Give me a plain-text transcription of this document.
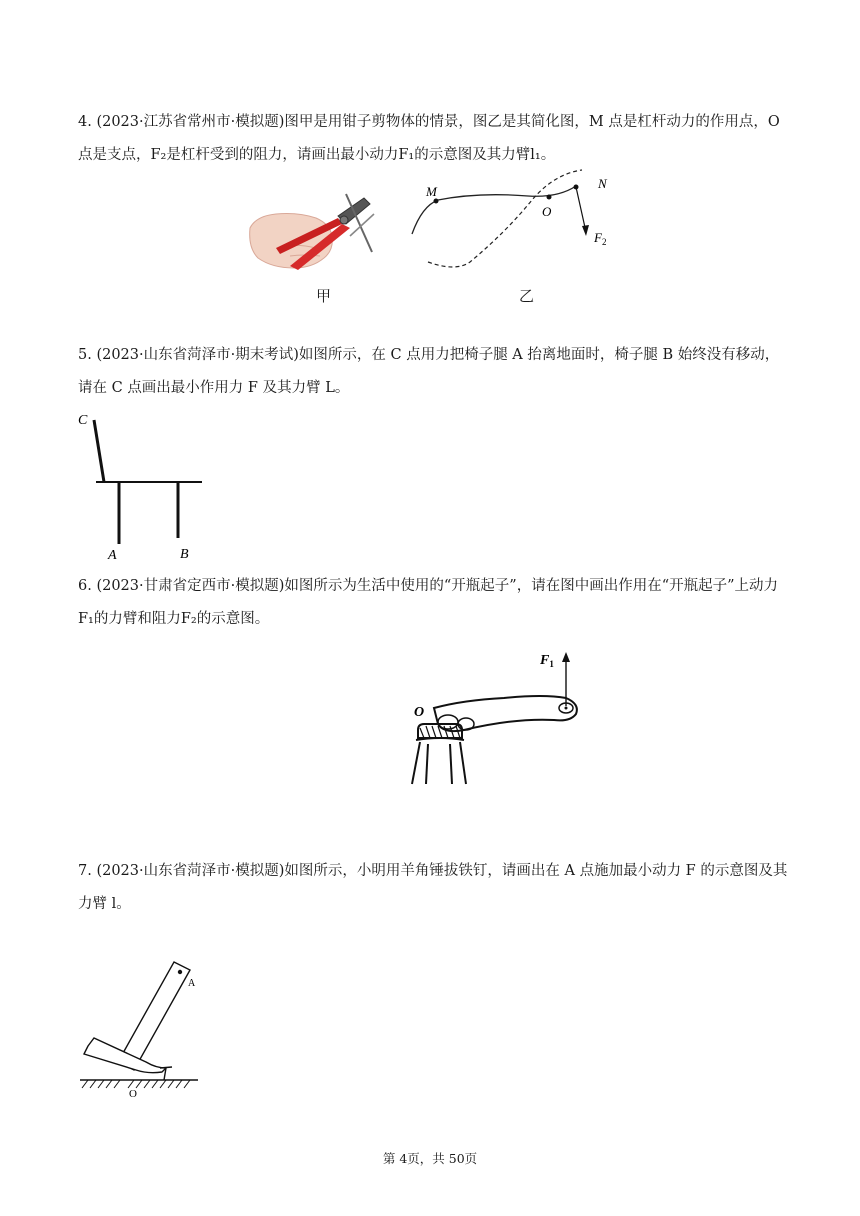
4. (2023·江苏省常州市·模拟题)图甲是用钳子剪物体的情景，图乙是其简化图，M 点是杠杆动力的作用点，O 点是支点，F₂是杠杆受到的阻力，请画出最小动力F₁的示意图及其力臂l₁。

甲
M
O
N
$F_2$
乙

5. (2023·山东省菏泽市·期末考试)如图所示，在 C 点用力把椅子腿 A 抬离地面时，椅子腿 B 始终没有移动，请在 C 点画出最小作用力 F 及其力臂 L。

C
A	B

6. (2023·甘肃省定西市·模拟题)如图所示为生活中使用的“开瓶起子”，请在图中画出作用在“开瓶起子”上动力F₁的力臂和阻力F₂的示意图。

$F_1$
O

7. (2023·山东省菏泽市·模拟题)如图所示，小明用羊角锤拔铁钉，请画出在 A 点施加最小动力 F 的示意图及其力臂 l。

A
O
第 4页，共 50页
